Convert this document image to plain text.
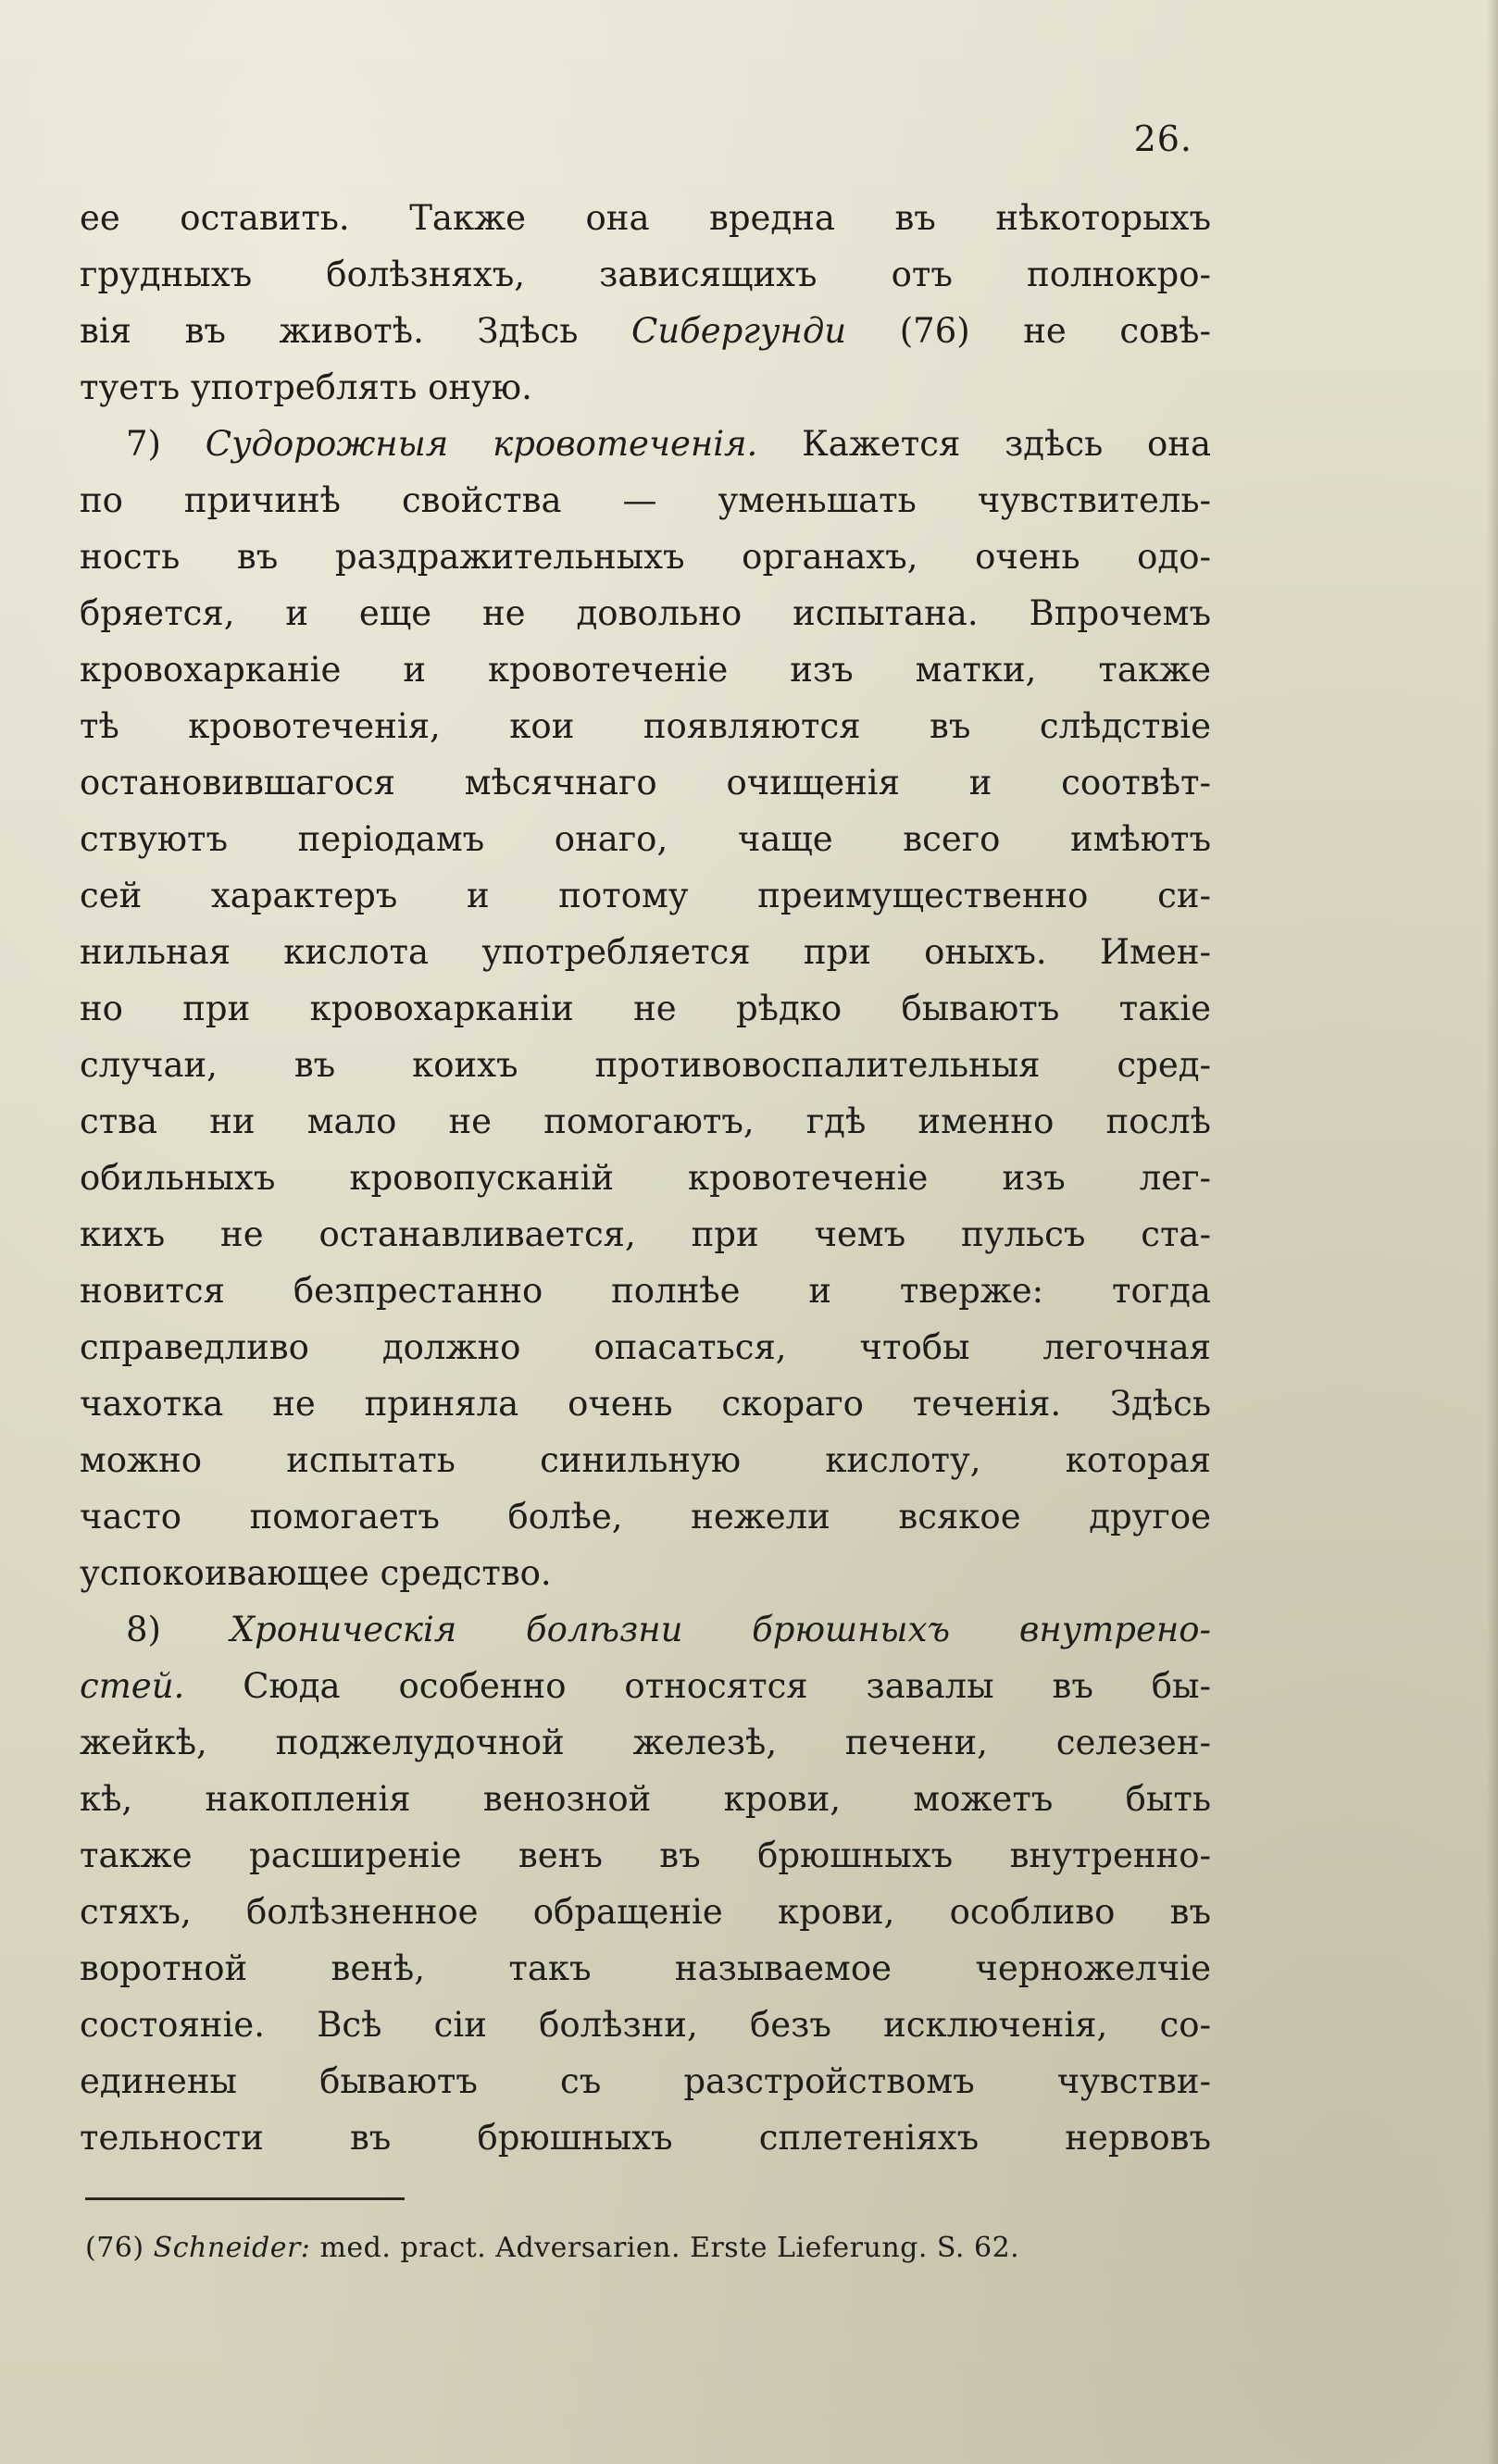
26.
ее оставить. Также она вредна въ нѣкоторыхъ
грудныхъ болѣзняхъ, зависящихъ отъ полнокро-
вія въ животѣ. Здѣсь Сибергунди (76) не совѣ-
туетъ употреблять оную.
7) Судорожныя кровотеченія. Кажется здѣсь она
по причинѣ свойства — уменьшать чувствитель-
ность въ раздражительныхъ органахъ, очень одо-
бряется, и еще не довольно испытана. Впрочемъ
кровохарканіе и кровотеченіе изъ матки, также
тѣ кровотеченія, кои появляются въ слѣдствіе
остановившагося мѣсячнаго очищенія и соотвѣт-
ствуютъ періодамъ онаго, чаще всего имѣютъ
сей характеръ и потому преимущественно си-
нильная кислота употребляется при оныхъ. Имен-
но при кровохарканіи не рѣдко бываютъ такіе
случаи, въ коихъ противовоспалительныя сред-
ства ни мало не помогаютъ, гдѣ именно послѣ
обильныхъ кровопусканій кровотеченіе изъ лег-
кихъ не останавливается, при чемъ пульсъ ста-
новится безпрестанно полнѣе и тверже: тогда
справедливо должно опасаться, чтобы легочная
чахотка не приняла очень скораго теченія. Здѣсь
можно испытать синильную кислоту, которая
часто помогаетъ болѣе, нежели всякое другое
успокоивающее средство.
8) Хроническія болѣзни брюшныхъ внутрено-
стей. Сюда особенно относятся завалы въ бы-
жейкѣ, поджелудочной железѣ, печени, селезен-
кѣ, накопленія венозной крови, можетъ быть
также расширеніе венъ въ брюшныхъ внутренно-
стяхъ, болѣзненное обращеніе крови, особливо въ
воротной венѣ, такъ называемое черножелчіе
состояніе. Всѣ сіи болѣзни, безъ исключенія, со-
единены бываютъ съ разстройствомъ чувстви-
тельности въ брюшныхъ сплетеніяхъ нервовъ
(76) Schneider: med. pract. Adversarien. Erste Lieferung. S. 62.
